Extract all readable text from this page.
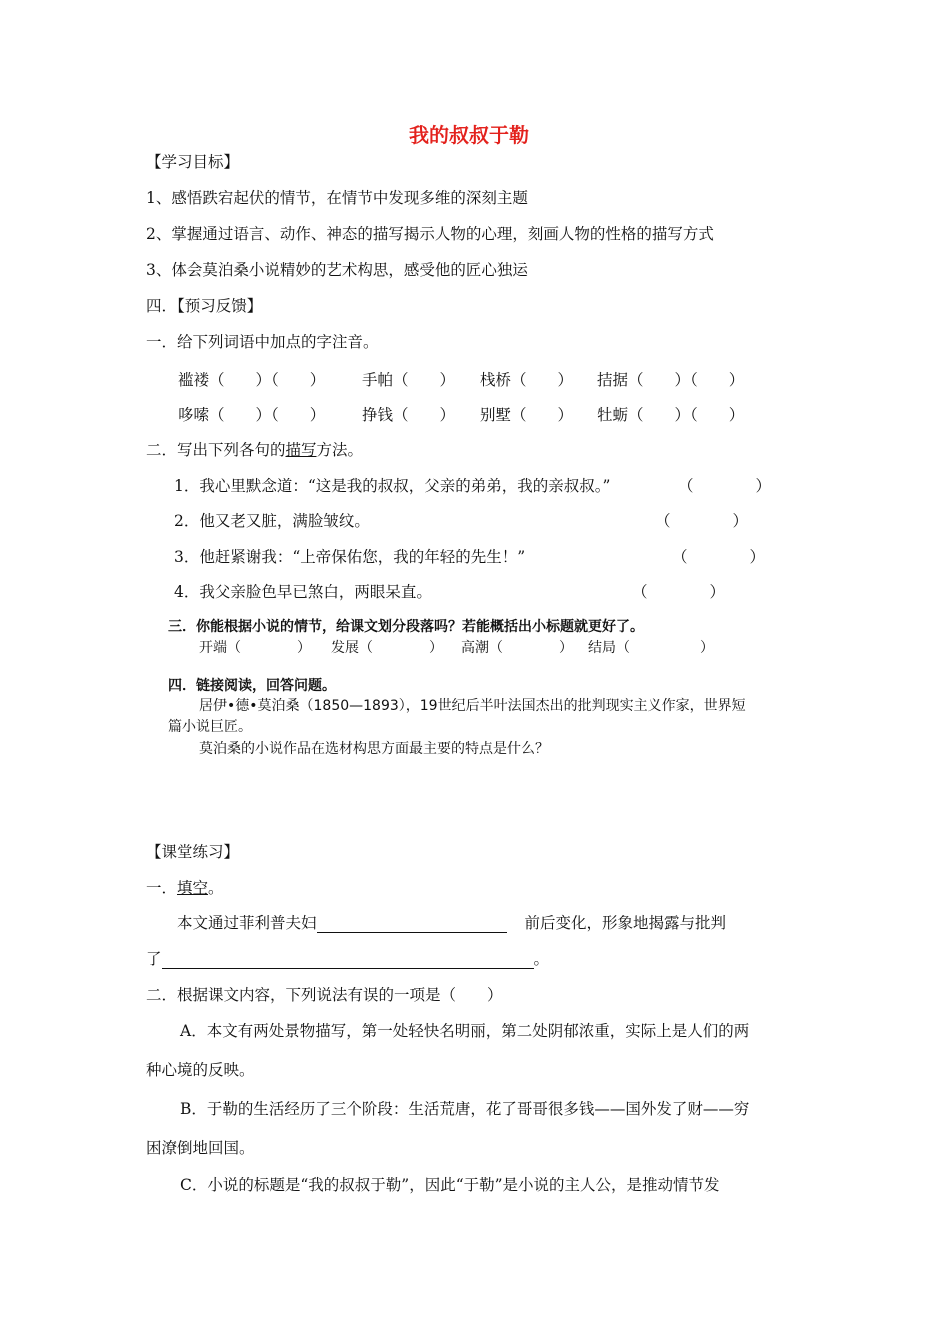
我的叔叔于勒
【学习目标】
1、感悟跌宕起伏的情节，在情节中发现多维的深刻主题
2、掌握通过语言、动作、神态的描写揭示人物的心理，刻画人物的性格的描写方式
3、体会莫泊桑小说精妙的艺术构思，感受他的匠心独运
四．【预习反馈】
一．给下列词语中加点的字注音。
褴褛（　　）（　　） 手帕（　　） 栈桥（　　） 拮据（　　）（　　）
哆嗦（　　）（　　） 挣钱（　　） 别墅（　　） 牡蛎（　　）（　　）
二．写出下列各句的描写方法。
1．我心里默念道：“这是我的叔叔，父亲的弟弟，我的亲叔叔。”	（　　　　）
2．他又老又脏，满脸皱纹。	（　　　　）
3．他赶紧谢我：“上帝保佑您，我的年轻的先生！”	（　　　　）
4．我父亲脸色早已煞白，两眼呆直。	（　　　　）
三．你能根据小说的情节，给课文划分段落吗？若能概括出小标题就更好了。
开端（　　　　） 发展（　　　　） 高潮（　　　　） 结局（　　　　　）
四．链接阅读，回答问题。
居伊•德•莫泊桑（1850—1893），19世纪后半叶法国杰出的批判现实主义作家，世界短
篇小说巨匠。
莫泊桑的小说作品在选材构思方面最主要的特点是什么？
【课堂练习】
一．填空。
本文通过菲利普夫妇	前后变化，形象地揭露与批判
了	。
二．根据课文内容，下列说法有误的一项是（　　）
A．本文有两处景物描写，第一处轻快名明丽，第二处阴郁浓重，实际上是人们的两
种心境的反映。
B．于勒的生活经历了三个阶段：生活荒唐，花了哥哥很多钱——国外发了财——穷
困潦倒地回国。
C．小说的标题是“我的叔叔于勒”，因此“于勒”是小说的主人公，是推动情节发
